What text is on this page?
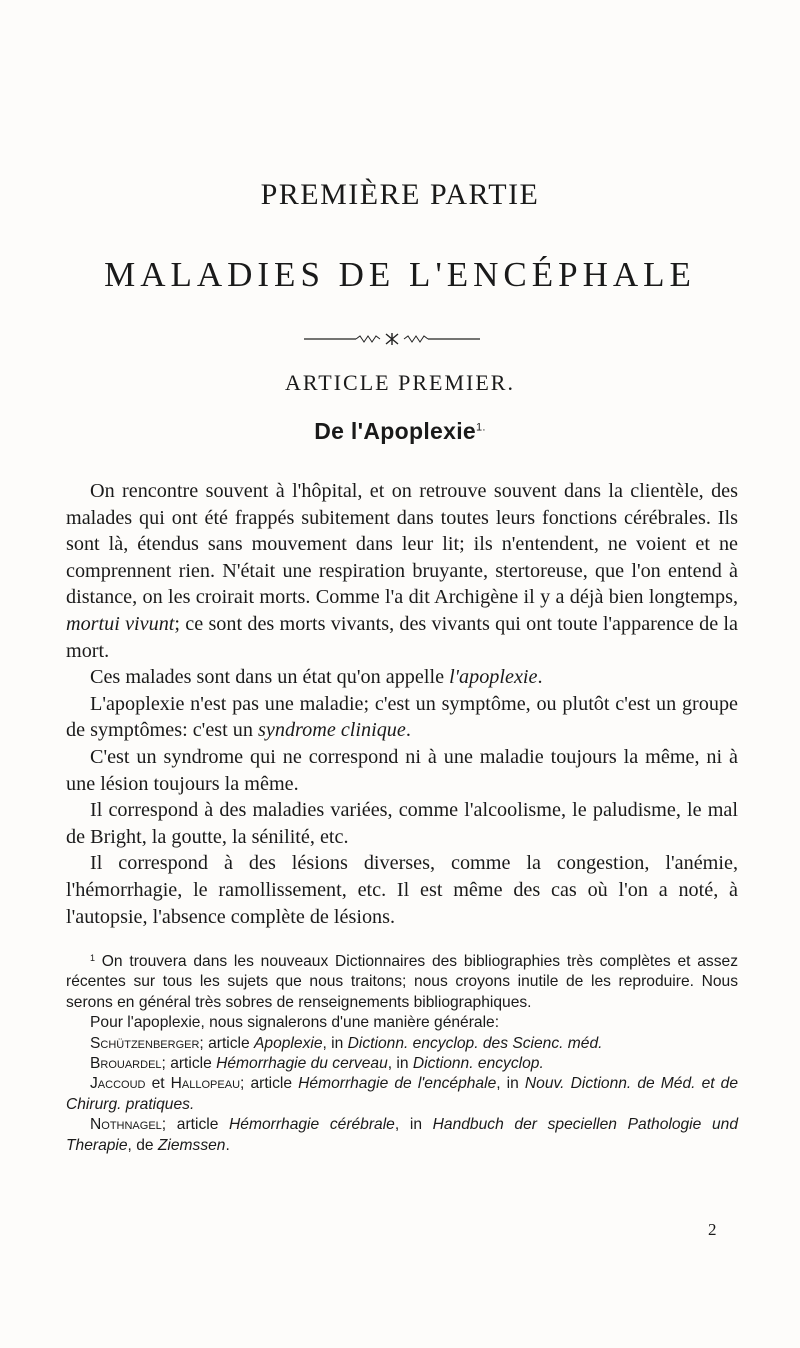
PREMIÈRE PARTIE
MALADIES DE L'ENCÉPHALE
ARTICLE PREMIER.
De l'Apoplexie$^{1.}$

On rencontre souvent à l'hôpital, et on retrouve souvent dans la clientèle, des malades qui ont été frappés subitement dans toutes leurs fonctions cérébrales. Ils sont là, étendus sans mouvement dans leur lit; ils n'entendent, ne voient et ne comprennent rien. N'était une respiration bruyante, stertoreuse, que l'on entend à distance, on les croirait morts. Comme l'a dit Archigène il y a déjà bien longtemps, mortui vivunt; ce sont des morts vivants, des vivants qui ont toute l'apparence de la mort.

Ces malades sont dans un état qu'on appelle l'apoplexie.

L'apoplexie n'est pas une maladie; c'est un symptôme, ou plutôt c'est un groupe de symptômes: c'est un syndrome clinique.

C'est un syndrome qui ne correspond ni à une maladie toujours la même, ni à une lésion toujours la même.

Il correspond à des maladies variées, comme l'alcoolisme, le paludisme, le mal de Bright, la goutte, la sénilité, etc.

Il correspond à des lésions diverses, comme la congestion, l'anémie, l'hémorrhagie, le ramollissement, etc. Il est même des cas où l'on a noté, à l'autopsie, l'absence complète de lésions.

$^1$ On trouvera dans les nouveaux Dictionnaires des bibliographies très complètes et assez récentes sur tous les sujets que nous traitons; nous croyons inutile de les reproduire. Nous serons en général très sobres de renseignements bibliographiques.

Pour l'apoplexie, nous signalerons d'une manière générale:

Schützenberger; article Apoplexie, in Dictionn. encyclop. des Scienc. méd.

Brouardel; article Hémorrhagie du cerveau, in Dictionn. encyclop.

Jaccoud et Hallopeau; article Hémorrhagie de l'encéphale, in Nouv. Dictionn. de Méd. et de Chirurg. pratiques.

Nothnagel; article Hémorrhagie cérébrale, in Handbuch der speciellen Pathologie und Therapie, de Ziemssen.

2
